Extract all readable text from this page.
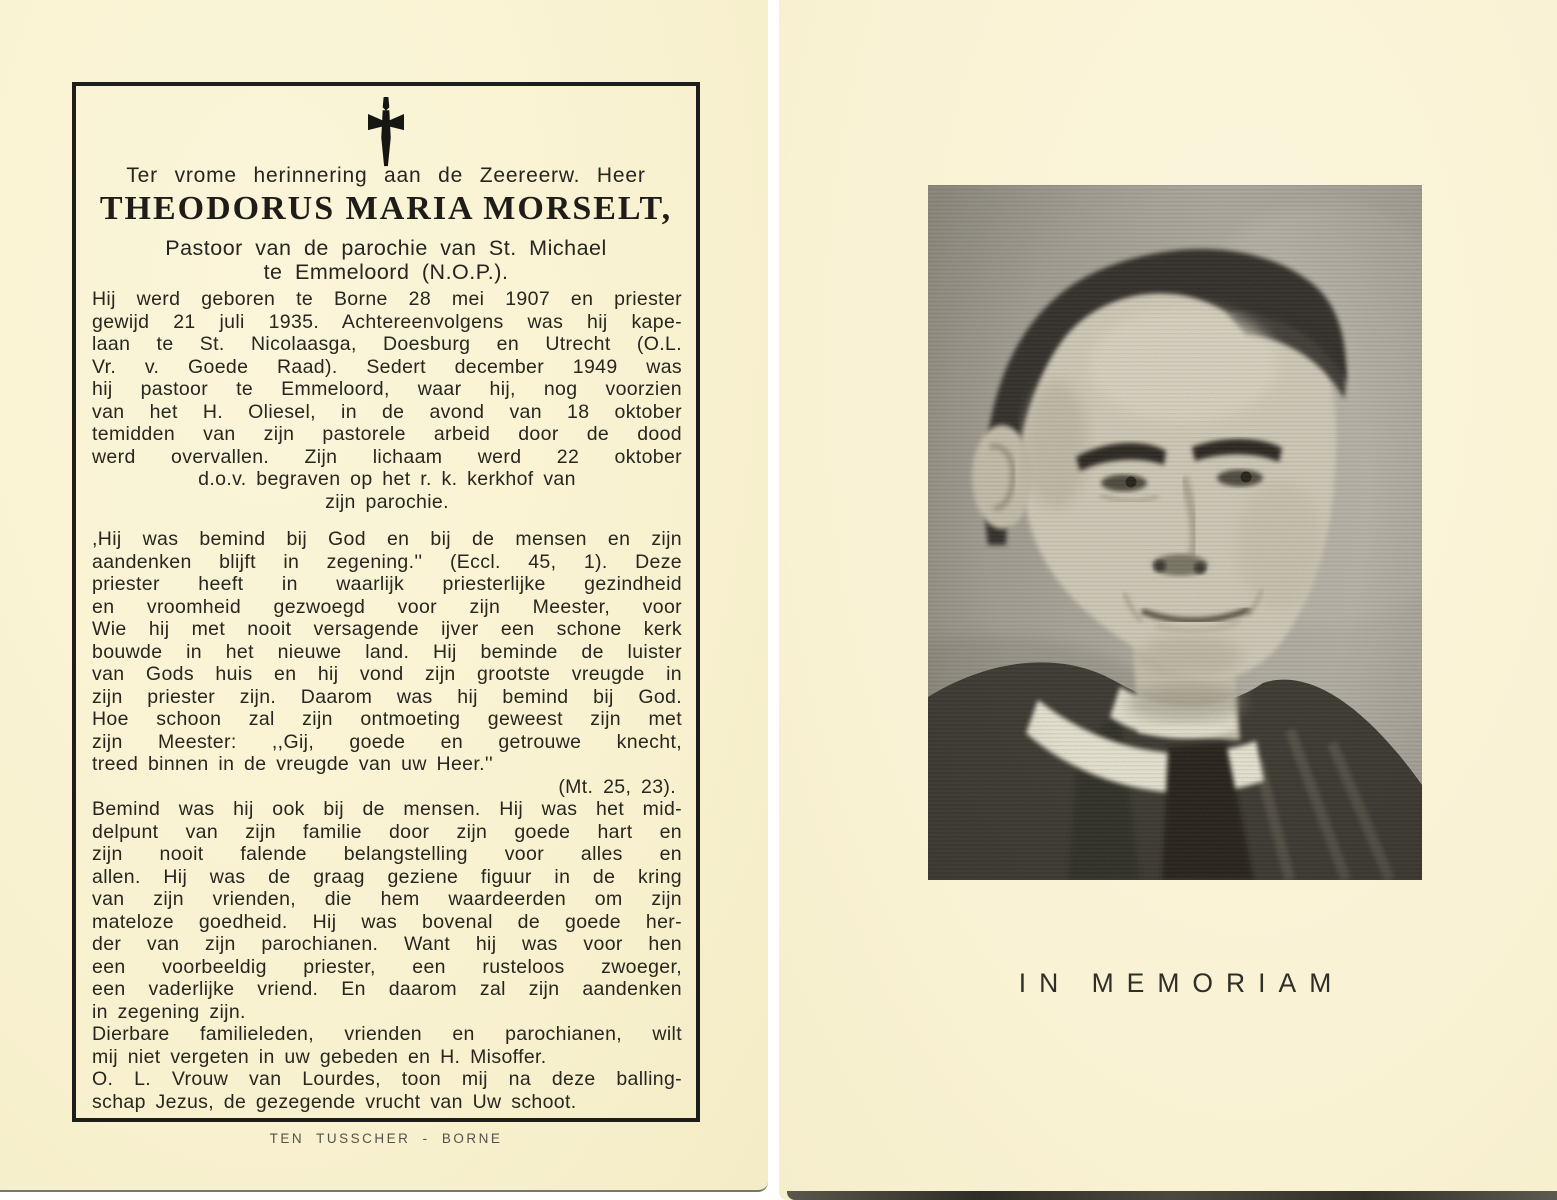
Ter vrome herinnering aan de Zeereerw. Heer
THEODORUS MARIA MORSELT,
Pastoor van de parochie van St. Michael
te Emmeloord (N.O.P.).
Hij werd geboren te Borne 28 mei 1907 en priester
gewijd 21 juli 1935. Achtereenvolgens was hij kape-
laan te St. Nicolaasga, Doesburg en Utrecht (O.L.
Vr. v. Goede Raad). Sedert december 1949 was
hij pastoor te Emmeloord, waar hij, nog voorzien
van het H. Oliesel, in de avond van 18 oktober
temidden van zijn pastorele arbeid door de dood
werd overvallen. Zijn lichaam werd 22 oktober
d.o.v. begraven op het r. k. kerkhof van
zijn parochie.
,Hij was bemind bij God en bij de mensen en zijn
aandenken blijft in zegening.'' (Eccl. 45, 1). Deze
priester heeft in waarlijk priesterlijke gezindheid
en vroomheid gezwoegd voor zijn Meester, voor
Wie hij met nooit versagende ijver een schone kerk
bouwde in het nieuwe land. Hij beminde de luister
van Gods huis en hij vond zijn grootste vreugde in
zijn priester zijn. Daarom was hij bemind bij God.
Hoe schoon zal zijn ontmoeting geweest zijn met
zijn Meester: ,,Gij, goede en getrouwe knecht,
treed binnen in de vreugde van uw Heer.''
(Mt. 25, 23).
Bemind was hij ook bij de mensen. Hij was het mid-
delpunt van zijn familie door zijn goede hart en
zijn nooit falende belangstelling voor alles en
allen. Hij was de graag geziene figuur in de kring
van zijn vrienden, die hem waardeerden om zijn
mateloze goedheid. Hij was bovenal de goede her-
der van zijn parochianen. Want hij was voor hen
een voorbeeldig priester, een rusteloos zwoeger,
een vaderlijke vriend. En daarom zal zijn aandenken
in zegening zijn.
Dierbare familieleden, vrienden en parochianen, wilt
mij niet vergeten in uw gebeden en H. Misoffer.
O. L. Vrouw van Lourdes, toon mij na deze balling-
schap Jezus, de gezegende vrucht van Uw schoot.
TEN TUSSCHER - BORNE
IN MEMORIAM
